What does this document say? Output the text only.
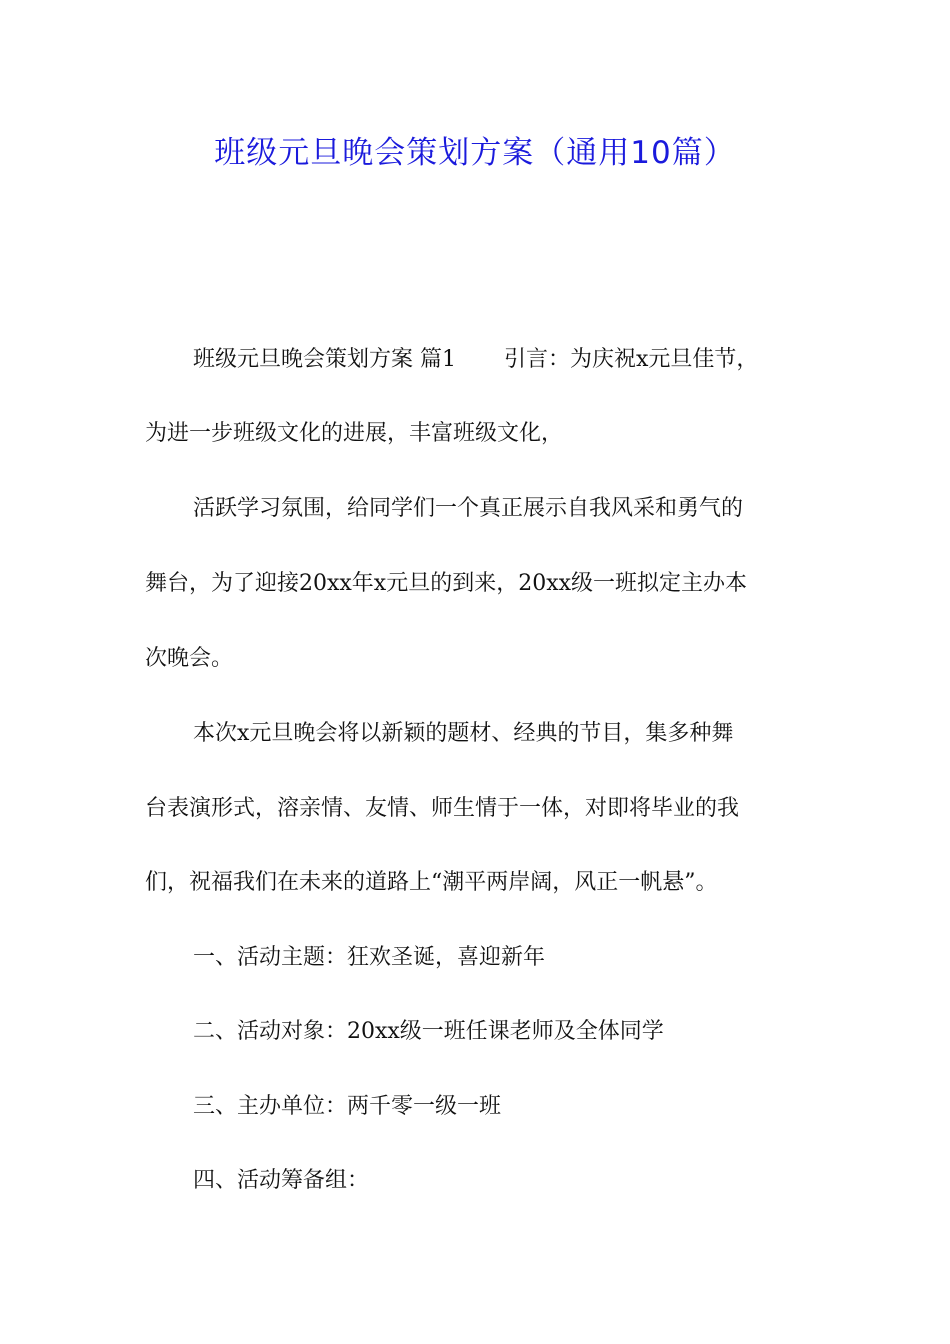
班级元旦晚会策划方案（通用10篇）

班级元旦晚会策划方案 篇1 引言：为庆祝x元旦佳节，

为进一步班级文化的进展，丰富班级文化，

活跃学习氛围，给同学们一个真正展示自我风采和勇气的

舞台，为了迎接20xx年x元旦的到来，20xx级一班拟定主办本

次晚会。

本次x元旦晚会将以新颖的题材、经典的节目，集多种舞

台表演形式，溶亲情、友情、师生情于一体，对即将毕业的我

们，祝福我们在未来的道路上“潮平两岸阔，风正一帆悬”。

一、活动主题：狂欢圣诞，喜迎新年

二、活动对象：20xx级一班任课老师及全体同学

三、主办单位：两千零一级一班

四、活动筹备组：
